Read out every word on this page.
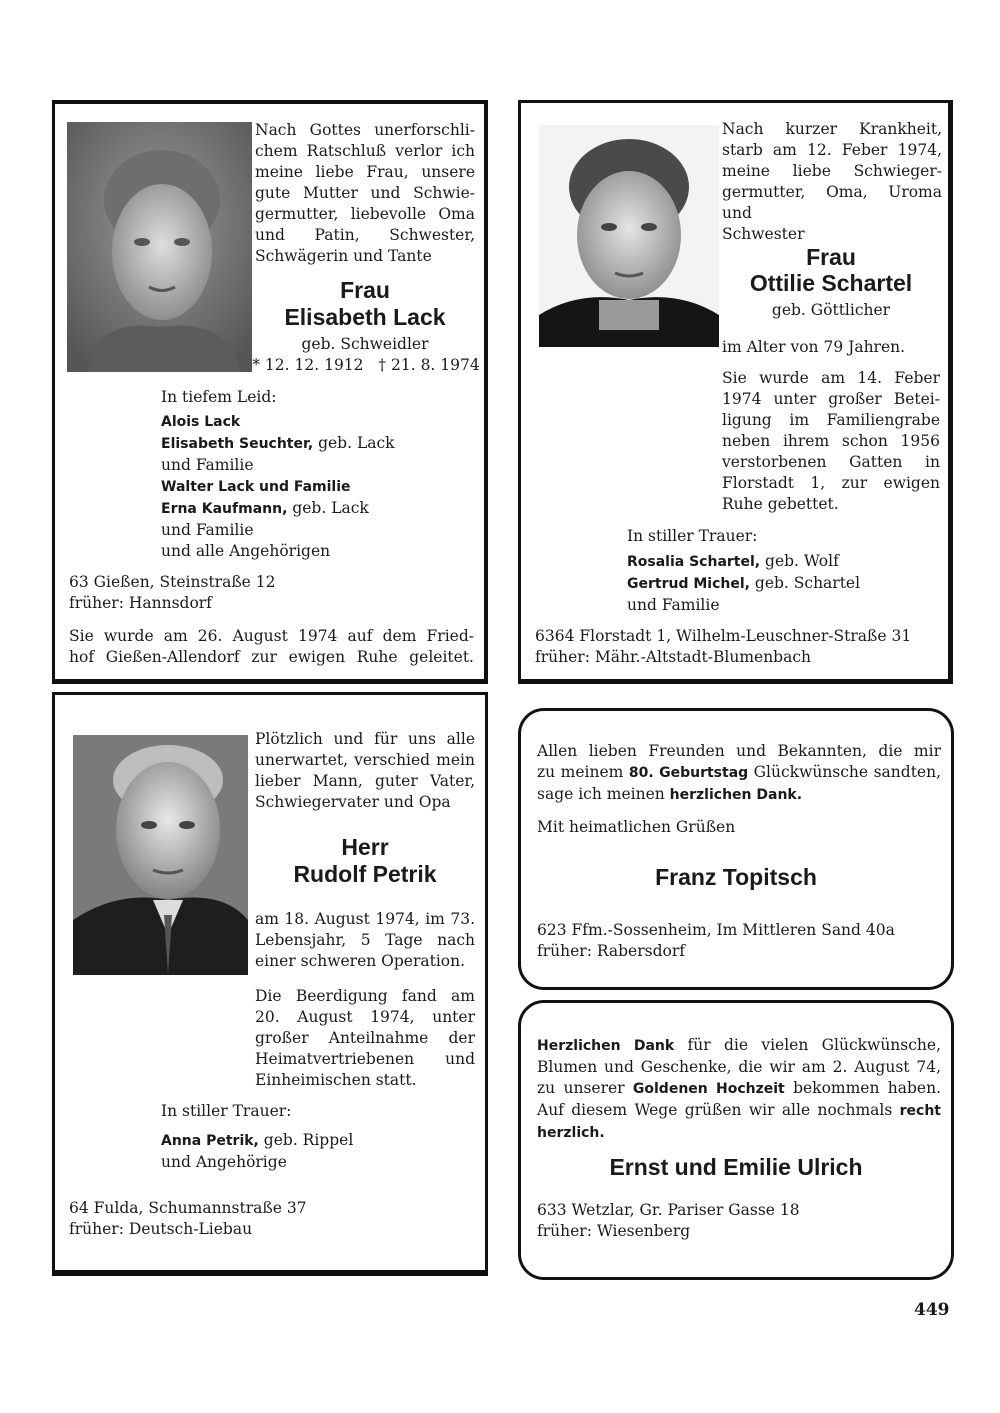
Nach Gottes unerforschli-
chem Ratschluß verlor ich
meine liebe Frau, unsere
gute Mutter und Schwie-
germutter, liebevolle Oma
und Patin, Schwester,
Schwägerin und Tante

Frau

Elisabeth Lack

geb. Schweidler

* 12. 12. 1912   † 21. 8. 1974

In tiefem Leid:

Alois Lack
Elisabeth Seuchter, geb. Lack
und Familie
Walter Lack und Familie
Erna Kaufmann, geb. Lack
und Familie
und alle Angehörigen
63 Gießen, Steinstraße 12
früher: Hannsdorf
Sie wurde am 26. August 1974 auf dem Fried-
hof Gießen-Allendorf zur ewigen Ruhe geleitet.
Nach kurzer Krankheit,
starb am 12. Feber 1974,
meine liebe Schwieger-
germutter, Oma, Uroma und
Schwester

Frau

Ottilie Schartel

geb. Göttlicher

im Alter von 79 Jahren.

Sie wurde am 14. Feber
1974 unter großer Betei-
ligung im Familiengrabe
neben ihrem schon 1956
verstorbenen Gatten in
Florstadt 1, zur ewigen
Ruhe gebettet.

In stiller Trauer:

Rosalia Schartel, geb. Wolf
Gertrud Michel, geb. Schartel
und Familie
6364 Florstadt 1, Wilhelm-Leuschner-Straße 31
früher: Mähr.-Altstadt-Blumenbach
Plötzlich und für uns alle
unerwartet, verschied mein
lieber Mann, guter Vater,
Schwiegervater und Opa

Herr

Rudolf Petrik

am 18. August 1974, im 73.
Lebensjahr, 5 Tage nach
einer schweren Operation.
Die Beerdigung fand am
20. August 1974, unter
großer Anteilnahme der
Heimatvertriebenen und
Einheimischen statt.

In stiller Trauer:

Anna Petrik, geb. Rippel
und Angehörige
64 Fulda, Schumannstraße 37
früher: Deutsch-Liebau
Allen lieben Freunden und Bekannten, die mir
zu meinem 80. Geburtstag Glückwünsche sandten,
sage ich meinen herzlichen Dank.

Mit heimatlichen Grüßen

Franz Topitsch

623 Ffm.-Sossenheim, Im Mittleren Sand 40a
früher: Rabersdorf
Herzlichen Dank für die vielen Glückwünsche,
Blumen und Geschenke, die wir am 2. August 74,
zu unserer Goldenen Hochzeit bekommen haben.
Auf diesem Wege grüßen wir alle nochmals recht
herzlich.

Ernst und Emilie Ulrich

633 Wetzlar, Gr. Pariser Gasse 18
früher: Wiesenberg

449
